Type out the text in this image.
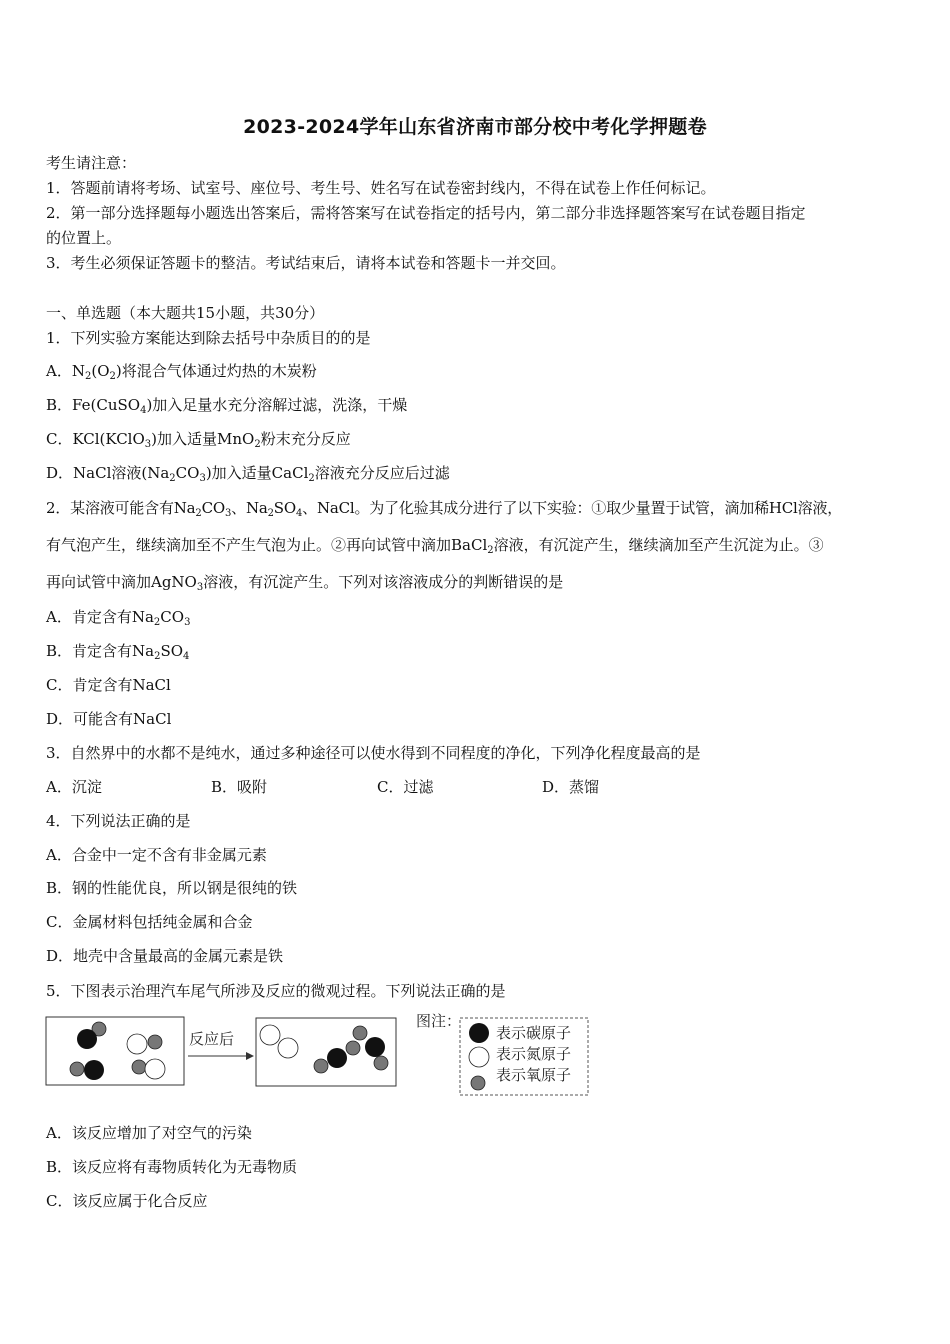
2023-2024学年山东省济南市部分校中考化学押题卷
考生请注意：
1．答题前请将考场、试室号、座位号、考生号、姓名写在试卷密封线内，不得在试卷上作任何标记。
2．第一部分选择题每小题选出答案后，需将答案写在试卷指定的括号内，第二部分非选择题答案写在试卷题目指定
的位置上。
3．考生必须保证答题卡的整洁。考试结束后，请将本试卷和答题卡一并交回。
一、单选题（本大题共15小题，共30分）
1．下列实验方案能达到除去括号中杂质目的的是
A．$N_2(O_2)$将混合气体通过灼热的木炭粉
B．Fe(CuSO$_4$)加入足量水充分溶解过滤，洗涤，干燥
C．KCl(KClO$_3$)加入适量MnO$_2$粉末充分反应
D．NaCl溶液$(Na_2CO_3)$加入适量CaCl$_2$溶液充分反应后过滤
2．某溶液可能含有$Na_2CO_3$、$Na_2SO_4$、NaCl。为了化验其成分进行了以下实验：①取少量置于试管，滴加稀HCl溶液，
有气泡产生，继续滴加至不产生气泡为止。②再向试管中滴加BaCl$_2$溶液，有沉淀产生，继续滴加至产生沉淀为止。③
再向试管中滴加AgNO$_3$溶液，有沉淀产生。下列对该溶液成分的判断错误的是
A．肯定含有$Na_2CO_3$
B．肯定含有$Na_2SO_4$
C．肯定含有NaCl
D．可能含有NaCl
3．自然界中的水都不是纯水，通过多种途径可以使水得到不同程度的净化，下列净化程度最高的是
A．沉淀	B．吸附	C．过滤	D．蒸馏
4．下列说法正确的是
A．合金中一定不含有非金属元素
B．钢的性能优良，所以钢是很纯的铁
C．金属材料包括纯金属和合金
D．地壳中含量最高的金属元素是铁
5．下图表示治理汽车尾气所涉及反应的微观过程。下列说法正确的是
反应后
图注：
表示碳原子
表示氮原子
表示氧原子
A．该反应增加了对空气的污染
B．该反应将有毒物质转化为无毒物质
C．该反应属于化合反应
